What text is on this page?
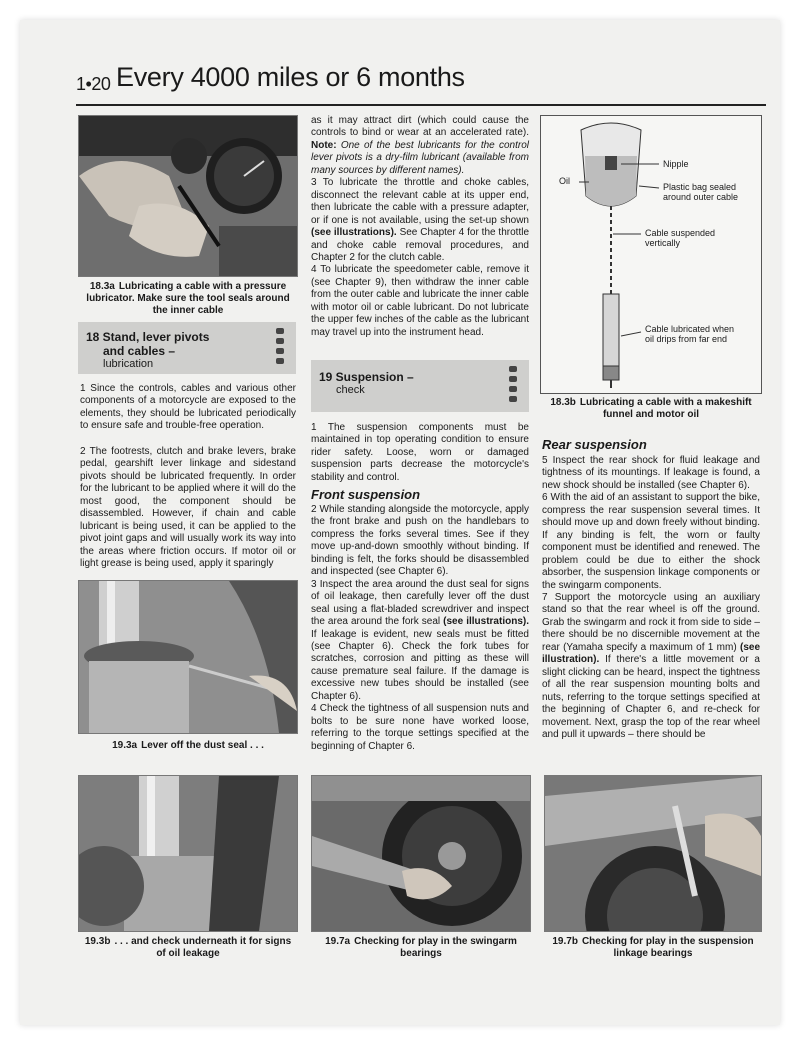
1•20 Every 4000 miles or 6 months
18.3a Lubricating a cable with a pressure lubricator. Make sure the tool seals around the inner cable
18 Stand, lever pivots
and cables –
lubrication
1 Since the controls, cables and various other components of a motorcycle are exposed to the elements, they should be lubricated periodically to ensure safe and trouble-free operation.
2 The footrests, clutch and brake levers, brake pedal, gearshift lever linkage and sidestand pivots should be lubricated frequently. In order for the lubricant to be applied where it will do the most good, the component should be disassembled. However, if chain and cable lubricant is being used, it can be applied to the pivot joint gaps and will usually work its way into the areas where friction occurs. If motor oil or light grease is being used, apply it sparingly
19.3a Lever off the dust seal . . .
19.3b . . . and check underneath it for signs of oil leakage

as it may attract dirt (which could cause the controls to bind or wear at an accelerated rate). Note: One of the best lubricants for the control lever pivots is a dry-film lubricant (available from many sources by different names).

3 To lubricate the throttle and choke cables, disconnect the relevant cable at its upper end, then lubricate the cable with a pressure adapter, or if one is not available, using the set-up shown (see illustrations). See Chapter 4 for the throttle and choke cable removal procedures, and Chapter 2 for the clutch cable.

4 To lubricate the speedometer cable, remove it (see Chapter 9), then withdraw the inner cable from the outer cable and lubricate the inner cable with motor oil or cable lubricant. Do not lubricate the upper few inches of the cable as the lubricant may travel up into the instrument head.

19 Suspension –
check
1 The suspension components must be maintained in top operating condition to ensure rider safety. Loose, worn or damaged suspension parts decrease the motorcycle's stability and control.
Front suspension

2 While standing alongside the motorcycle, apply the front brake and push on the handlebars to compress the forks several times. See if they move up-and-down smoothly without binding. If binding is felt, the forks should be disassembled and inspected (see Chapter 6).

3 Inspect the area around the dust seal for signs of oil leakage, then carefully lever off the dust seal using a flat-bladed screwdriver and inspect the area around the fork seal (see illustrations). If leakage is evident, new seals must be fitted (see Chapter 6). Check the fork tubes for scratches, corrosion and pitting as these will cause premature seal failure. If the damage is excessive new tubes should be installed (see Chapter 6).

4 Check the tightness of all suspension nuts and bolts to be sure none have worked loose, referring to the torque settings specified at the beginning of Chapter 6.

19.7a Checking for play in the swingarm bearings
Oil
Nipple
Plastic bag sealed around outer cable
Cable suspended vertically
Cable lubricated when oil drips from far end
18.3b Lubricating a cable with a makeshift funnel and motor oil
Rear suspension

5 Inspect the rear shock for fluid leakage and tightness of its mountings. If leakage is found, a new shock should be installed (see Chapter 6).

6 With the aid of an assistant to support the bike, compress the rear suspension several times. It should move up and down freely without binding. If any binding is felt, the worn or faulty component must be identified and renewed. The problem could be due to either the shock absorber, the suspension linkage components or the swingarm components.

7 Support the motorcycle using an auxiliary stand so that the rear wheel is off the ground. Grab the swingarm and rock it from side to side – there should be no discernible movement at the rear (Yamaha specify a maximum of 1 mm) (see illustration). If there's a little movement or a slight clicking can be heard, inspect the tightness of all the rear suspension mounting bolts and nuts, referring to the torque settings specified at the beginning of Chapter 6, and re-check for movement. Next, grasp the top of the rear wheel and pull it upwards – there should be

19.7b Checking for play in the suspension linkage bearings
